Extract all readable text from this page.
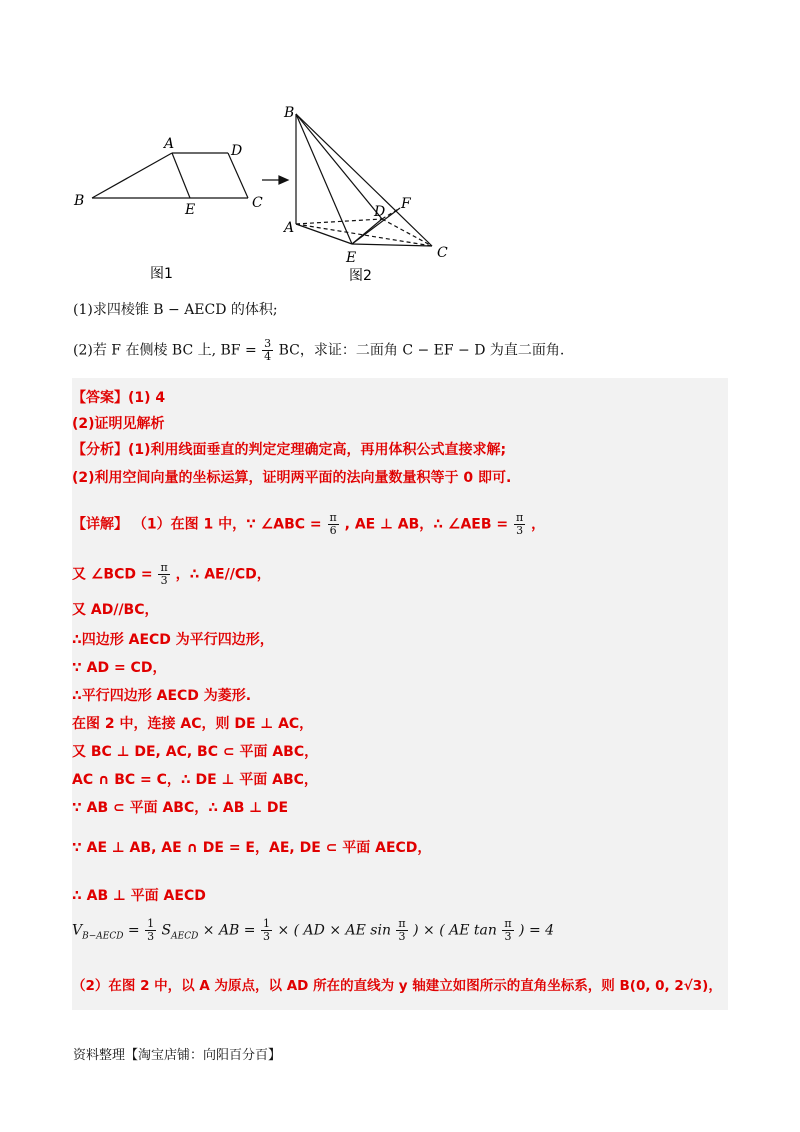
B
A	D
C
E
图1
B
A
D F
E	C
图2
(1)求四棱锥 B − AECD 的体积;
(2)若 F 在侧棱 BC 上, BF = $\frac{3}{4}$ BC，求证：二面角 C − EF − D 为直二面角.
【答案】(1) 4
(2)证明见解析
【分析】(1)利用线面垂直的判定定理确定高，再用体积公式直接求解;
(2)利用空间向量的坐标运算，证明两平面的法向量数量积等于 0 即可.
【详解】 （1）在图 1 中，∵ ∠ABC = $\frac{\pi}{6}$ , AE ⊥ AB，∴ ∠AEB = $\frac{\pi}{3}$ ，
又 ∠BCD = $\frac{\pi}{3}$ ，∴ AE//CD，
又 AD//BC，
∴四边形 AECD 为平行四边形，
∵ AD = CD，
∴平行四边形 AECD 为菱形.
在图 2 中，连接 AC，则 DE ⊥ AC，
又 BC ⊥ DE, AC, BC ⊂ 平面 ABC，
AC ∩ BC = C，∴ DE ⊥ 平面 ABC，
∵ AB ⊂ 平面 ABC，∴ AB ⊥ DE
∵ AE ⊥ AB, AE ∩ DE = E，AE, DE ⊂ 平面 AECD，
∴ AB ⊥ 平面 AECD
$V_{B-AECD} = \frac{1}{3} S_{AECD}$ × AB = $\frac{1}{3}$ × ( AD × AE $\sin \frac{\pi}{3}$ ) × ( AE $\tan \frac{\pi}{3}$ ) = 4
（2）在图 2 中，以 A 为原点，以 AD 所在的直线为 y 轴建立如图所示的直角坐标系，则 B(0, 0, 2√3)，
资料整理【淘宝店铺：向阳百分百】
